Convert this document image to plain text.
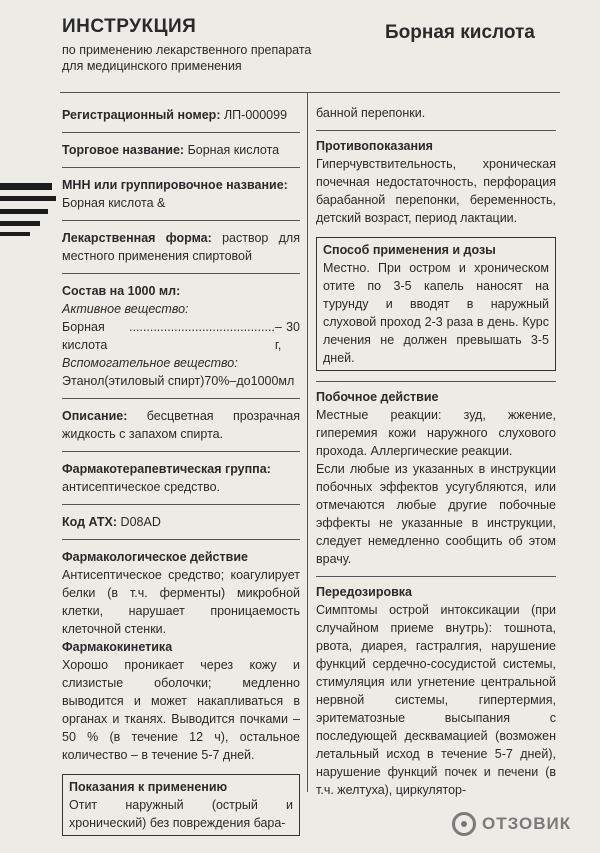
ИНСТРУКЦИЯ
по применению лекарственного препарата
для медицинского применения
Борная кислота

Регистрационный номер: ЛП-000099

Торговое название: Борная кислота

МНН или группировочное название:
Борная кислота &

Лекарственная форма: раствор для местного применения спиртовой

Состав на 1000 мл:
Активное вещество:

Борная кислота
.......................................... – 30 г,

Вспомогательное вещество:
Этанол(этиловый спирт)70%–до1000мл

Описание: бесцветная прозрачная жидкость с запахом спирта.

Фармакотерапевтическая группа:
антисептическое средство.

Код АТХ: D08AD

Фармакологическое действие
Антисептическое средство; коагулирует белки (в т.ч. ферменты) микробной клетки, нарушает проницаемость клеточной стенки.

Фармакокинетика
Хорошо проникает через кожу и слизистые оболочки; медленно выводится и может накапливаться в органах и тканях. Выводится почками – 50 % (в течение 12 ч), остальное количество – в течение 5-7 дней.

Показания к применению
Отит наружный (острый и хронический) без повреждения бара-

банной перепонки.

Противопоказания
Гиперчувствительность, хроническая почечная недостаточность, перфорация барабанной перепонки, беременность, детский возраст, период лактации.

Способ применения и дозы
Местно. При остром и хроническом отите по 3-5 капель наносят на турунду и вводят в наружный слуховой проход 2-3 раза в день. Курс лечения не должен превышать 3-5 дней.

Побочное действие
Местные реакции: зуд, жжение, гиперемия кожи наружного слухового прохода. Аллергические реакции.
Если любые из указанных в инструкции побочных эффектов усугубляются, или отмечаются любые другие побочные эффекты не указанные в инструкции, следует немедленно сообщить об этом врачу.

Передозировка
Симптомы острой интоксикации (при случайном приеме внутрь): тошнота, рвота, диарея, гастралгия, нарушение функций сердечно-сосудистой системы, стимуляция или угнетение центральной нервной системы, гипертермия, эритематозные высыпания с последующей десквамацией (возможен летальный исход в течение 5-7 дней), нарушение функций почек и печени (в т.ч. желтуха), циркулятор-

ОТЗОВИК
